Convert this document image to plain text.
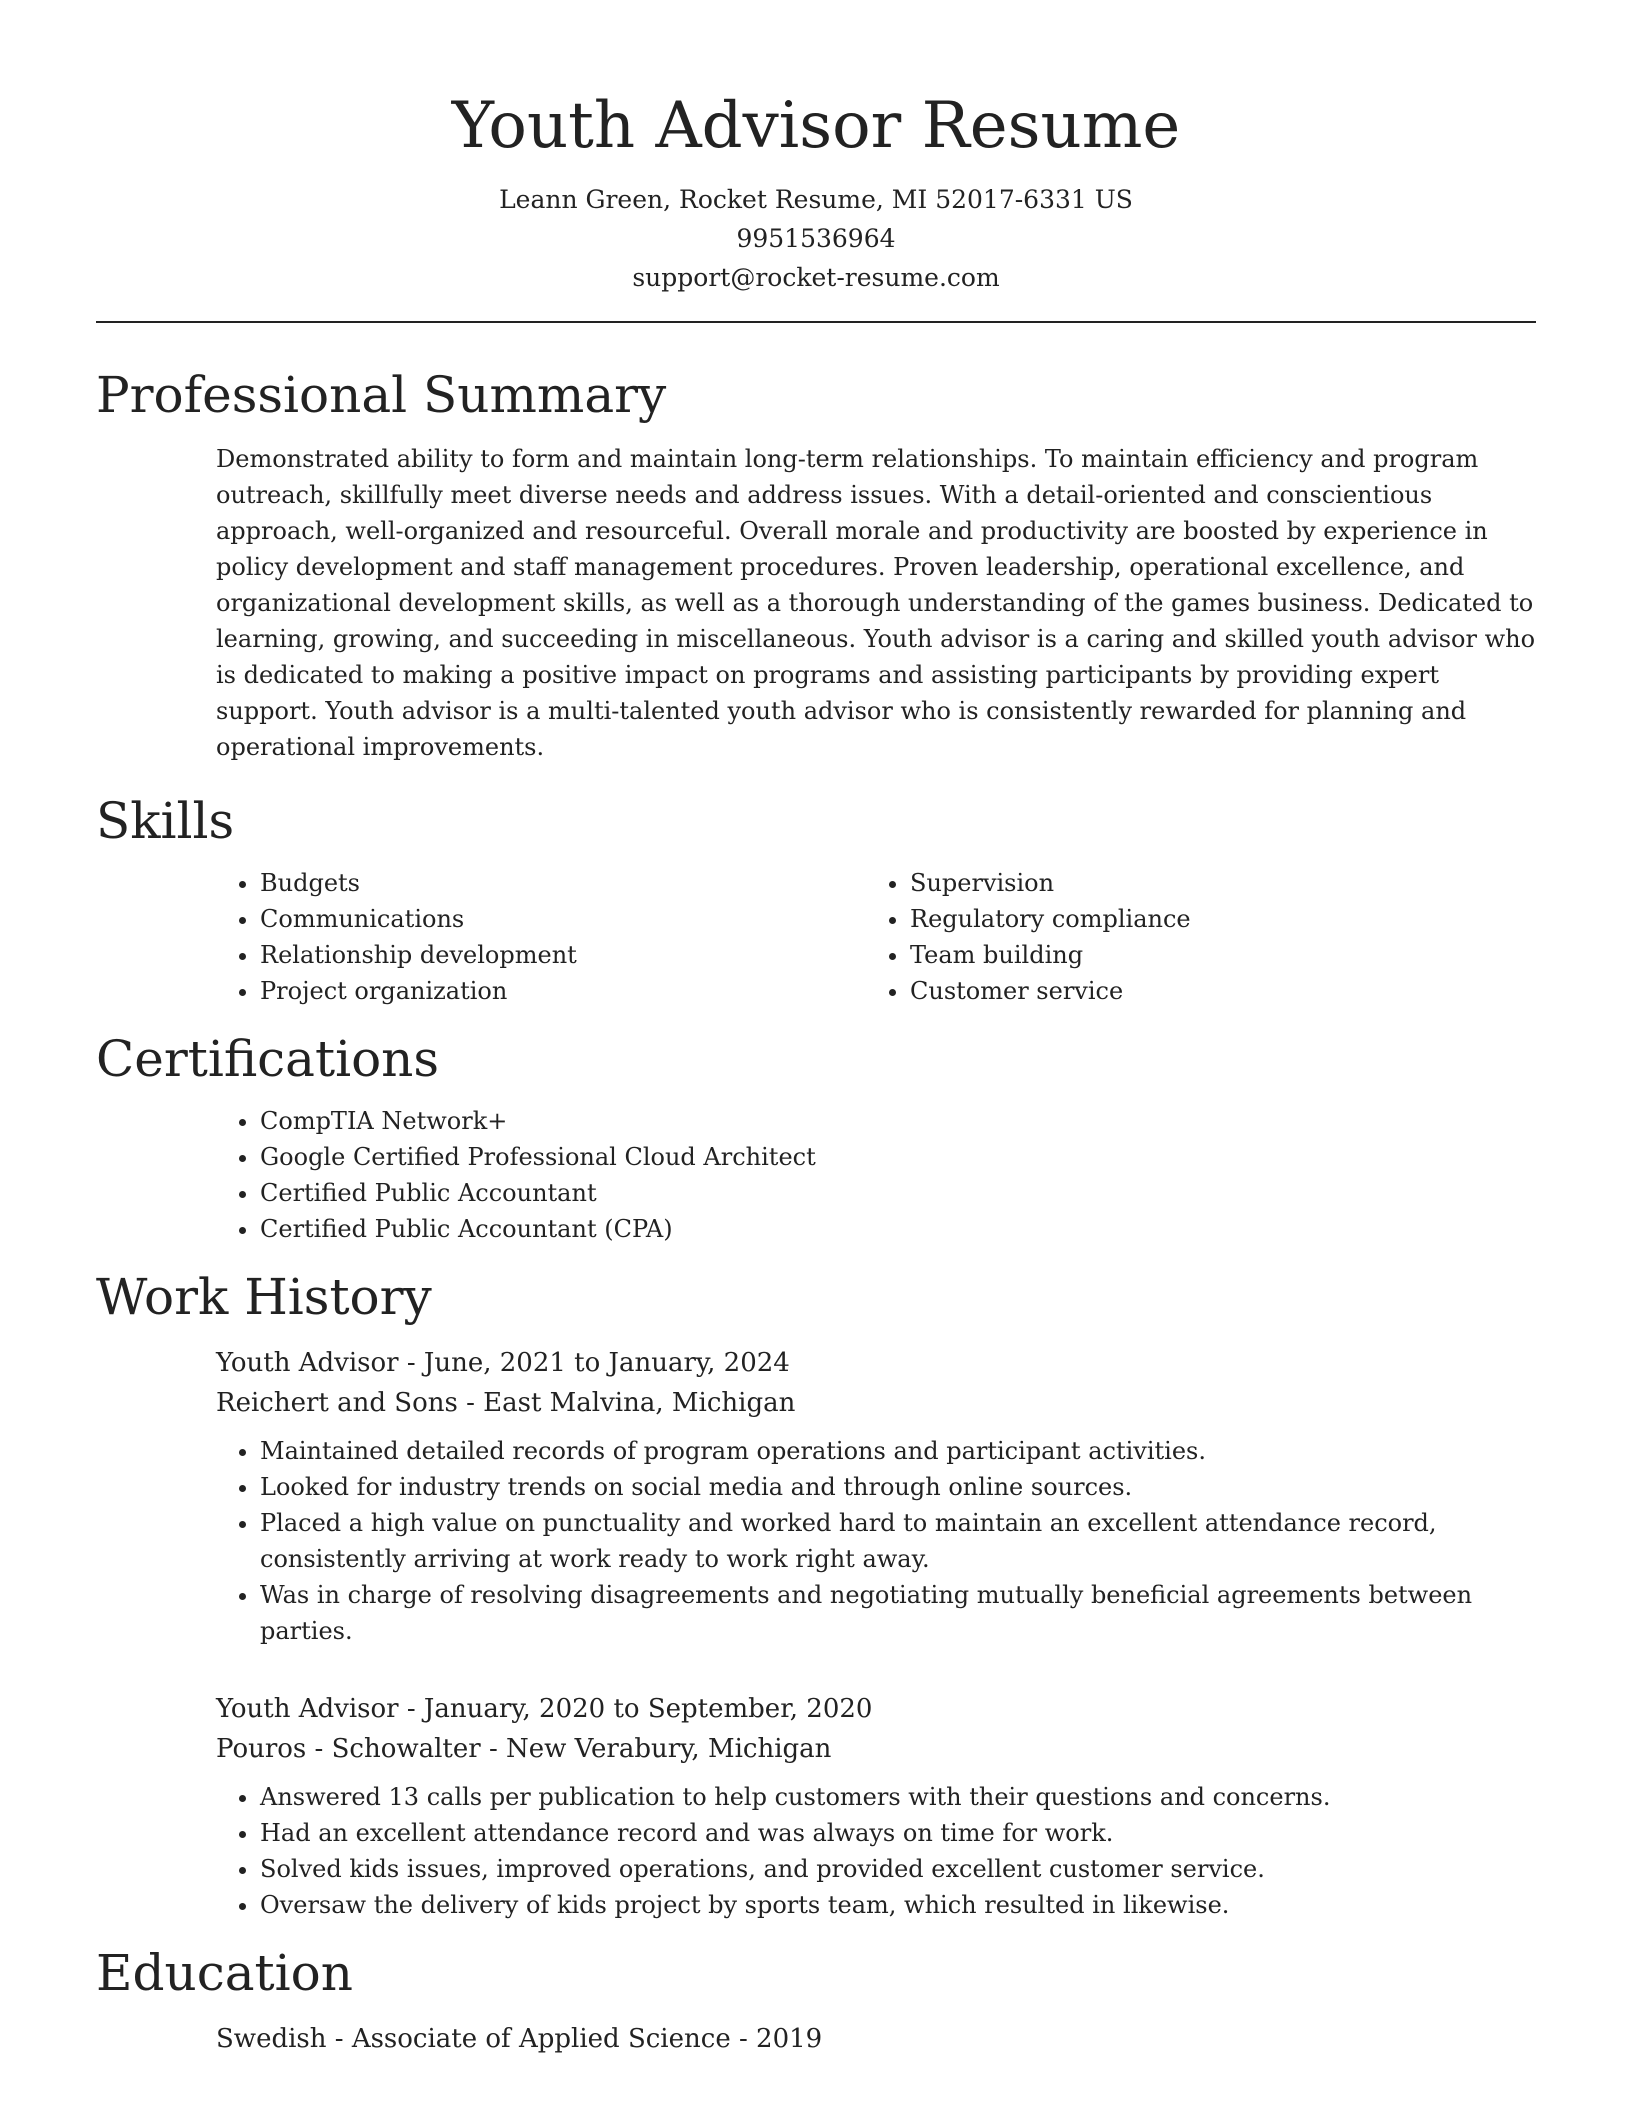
Youth Advisor Resume
Leann Green, Rocket Resume, MI 52017-6331 US
9951536964
support@rocket-resume.com
Professional Summary

Demonstrated ability to form and maintain long-term relationships. To maintain efficiency and program outreach, skillfully meet diverse needs and address issues. With a detail-oriented and conscientious approach, well-organized and resourceful. Overall morale and productivity are boosted by experience in policy development and staff management procedures. Proven leadership, operational excellence, and organizational development skills, as well as a thorough understanding of the games business. Dedicated to learning, growing, and succeeding in miscellaneous. Youth advisor is a caring and skilled youth advisor who is dedicated to making a positive impact on programs and assisting participants by providing expert support. Youth advisor is a multi-talented youth advisor who is consistently rewarded for planning and operational improvements.

Skills
• Budgets
• Communications
• Relationship development
• Project organization
• Supervision
• Regulatory compliance
• Team building
• Customer service
Certifications
• CompTIA Network+
• Google Certified Professional Cloud Architect
• Certified Public Accountant
• Certified Public Accountant (CPA)
Work History
Youth Advisor - June, 2021 to January, 2024
Reichert and Sons - East Malvina, Michigan
• Maintained detailed records of program operations and participant activities.
• Looked for industry trends on social media and through online sources.
• Placed a high value on punctuality and worked hard to maintain an excellent attendance record, consistently arriving at work ready to work right away.
• Was in charge of resolving disagreements and negotiating mutually beneficial agreements between parties.
Youth Advisor - January, 2020 to September, 2020
Pouros - Schowalter - New Verabury, Michigan
• Answered 13 calls per publication to help customers with their questions and concerns.
• Had an excellent attendance record and was always on time for work.
• Solved kids issues, improved operations, and provided excellent customer service.
• Oversaw the delivery of kids project by sports team, which resulted in likewise.
Education
Swedish - Associate of Applied Science - 2019
